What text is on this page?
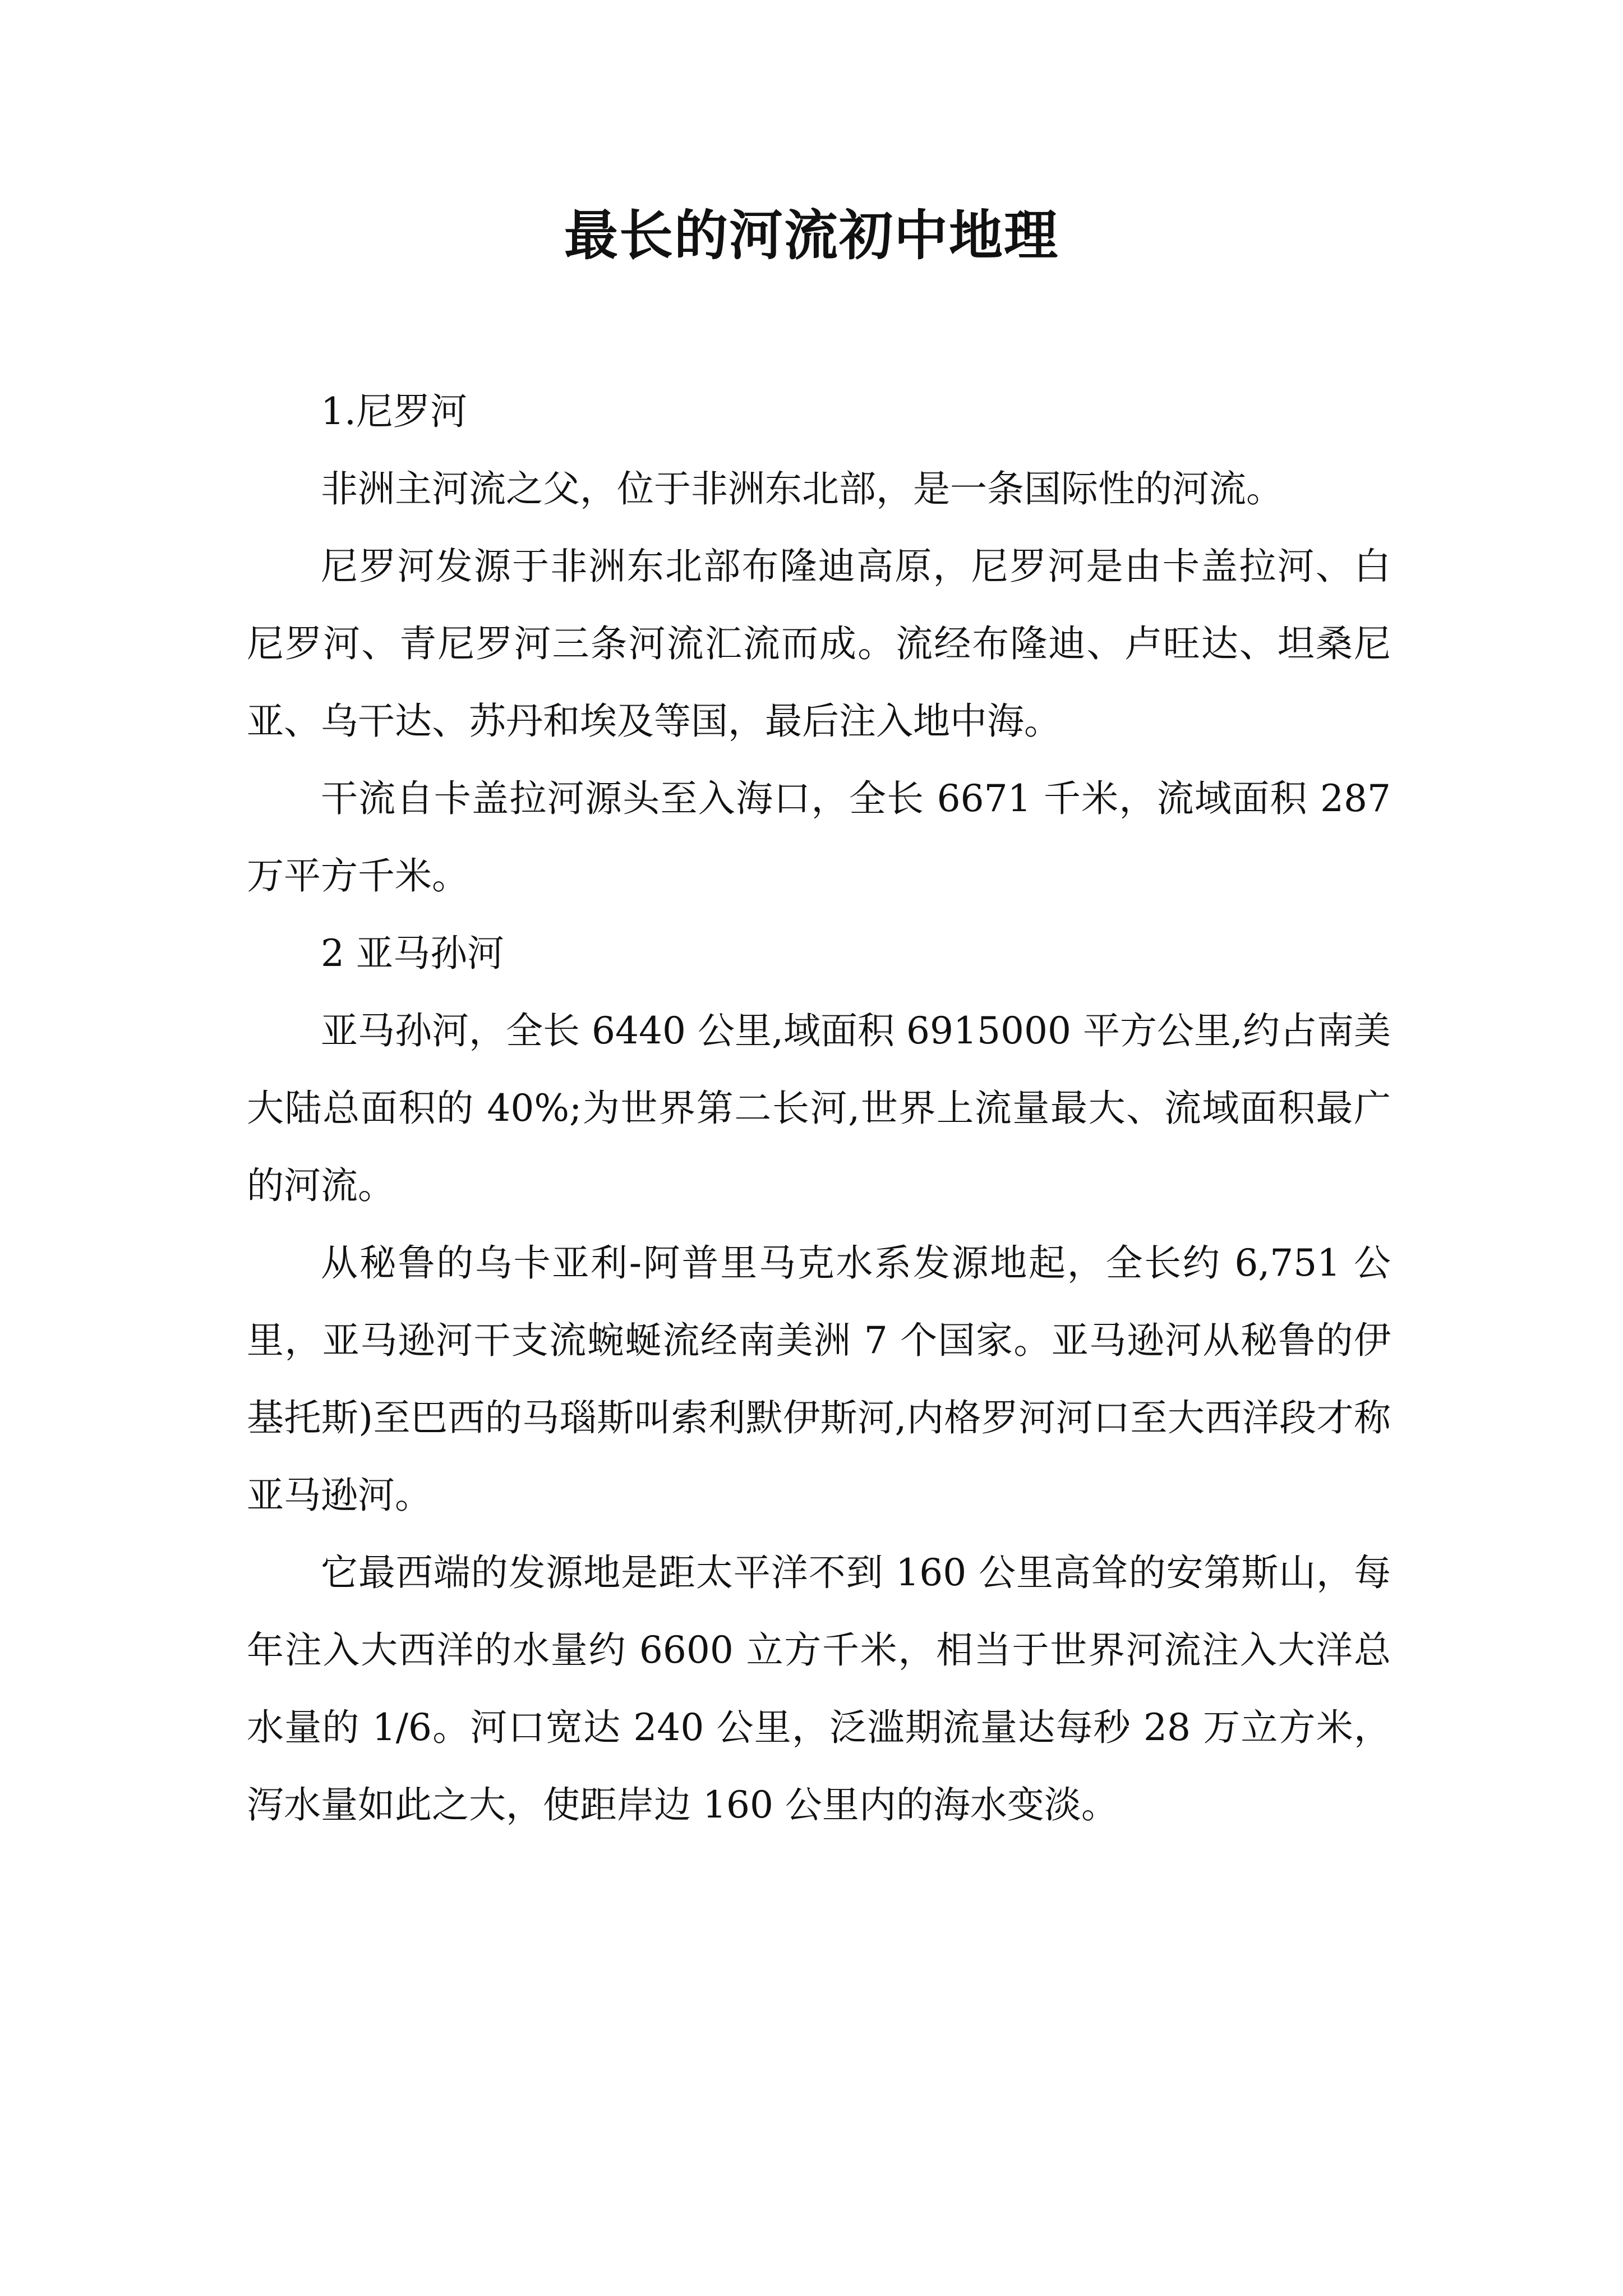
最长的河流初中地理

1.尼罗河

非洲主河流之父，位于非洲东北部，是一条国际性的河流。

尼罗河发源于非洲东北部布隆迪高原，尼罗河是由卡盖拉河、白尼罗河、青尼罗河三条河流汇流而成。流经布隆迪、卢旺达、坦桑尼亚、乌干达、苏丹和埃及等国，最后注入地中海。

干流自卡盖拉河源头至入海口，全长 6671 千米，流域面积 287 万平方千米。

2 亚马孙河

亚马孙河，全长 6440 公里,域面积 6915000 平方公里,约占南美大陆总面积的 40%;为世界第二长河,世界上流量最大、流域面积最广的河流。

从秘鲁的乌卡亚利-阿普里马克水系发源地起，全长约 6,751 公里，亚马逊河干支流蜿蜒流经南美洲 7 个国家。亚马逊河从秘鲁的伊基托斯)至巴西的马瑙斯叫索利默伊斯河,内格罗河河口至大西洋段才称亚马逊河。

它最西端的发源地是距太平洋不到 160 公里高耸的安第斯山，每年注入大西洋的水量约 6600 立方千米，相当于世界河流注入大洋总水量的 1/6。河口宽达 240 公里，泛滥期流量达每秒 28 万立方米，泻水量如此之大，使距岸边 160 公里内的海水变淡。
